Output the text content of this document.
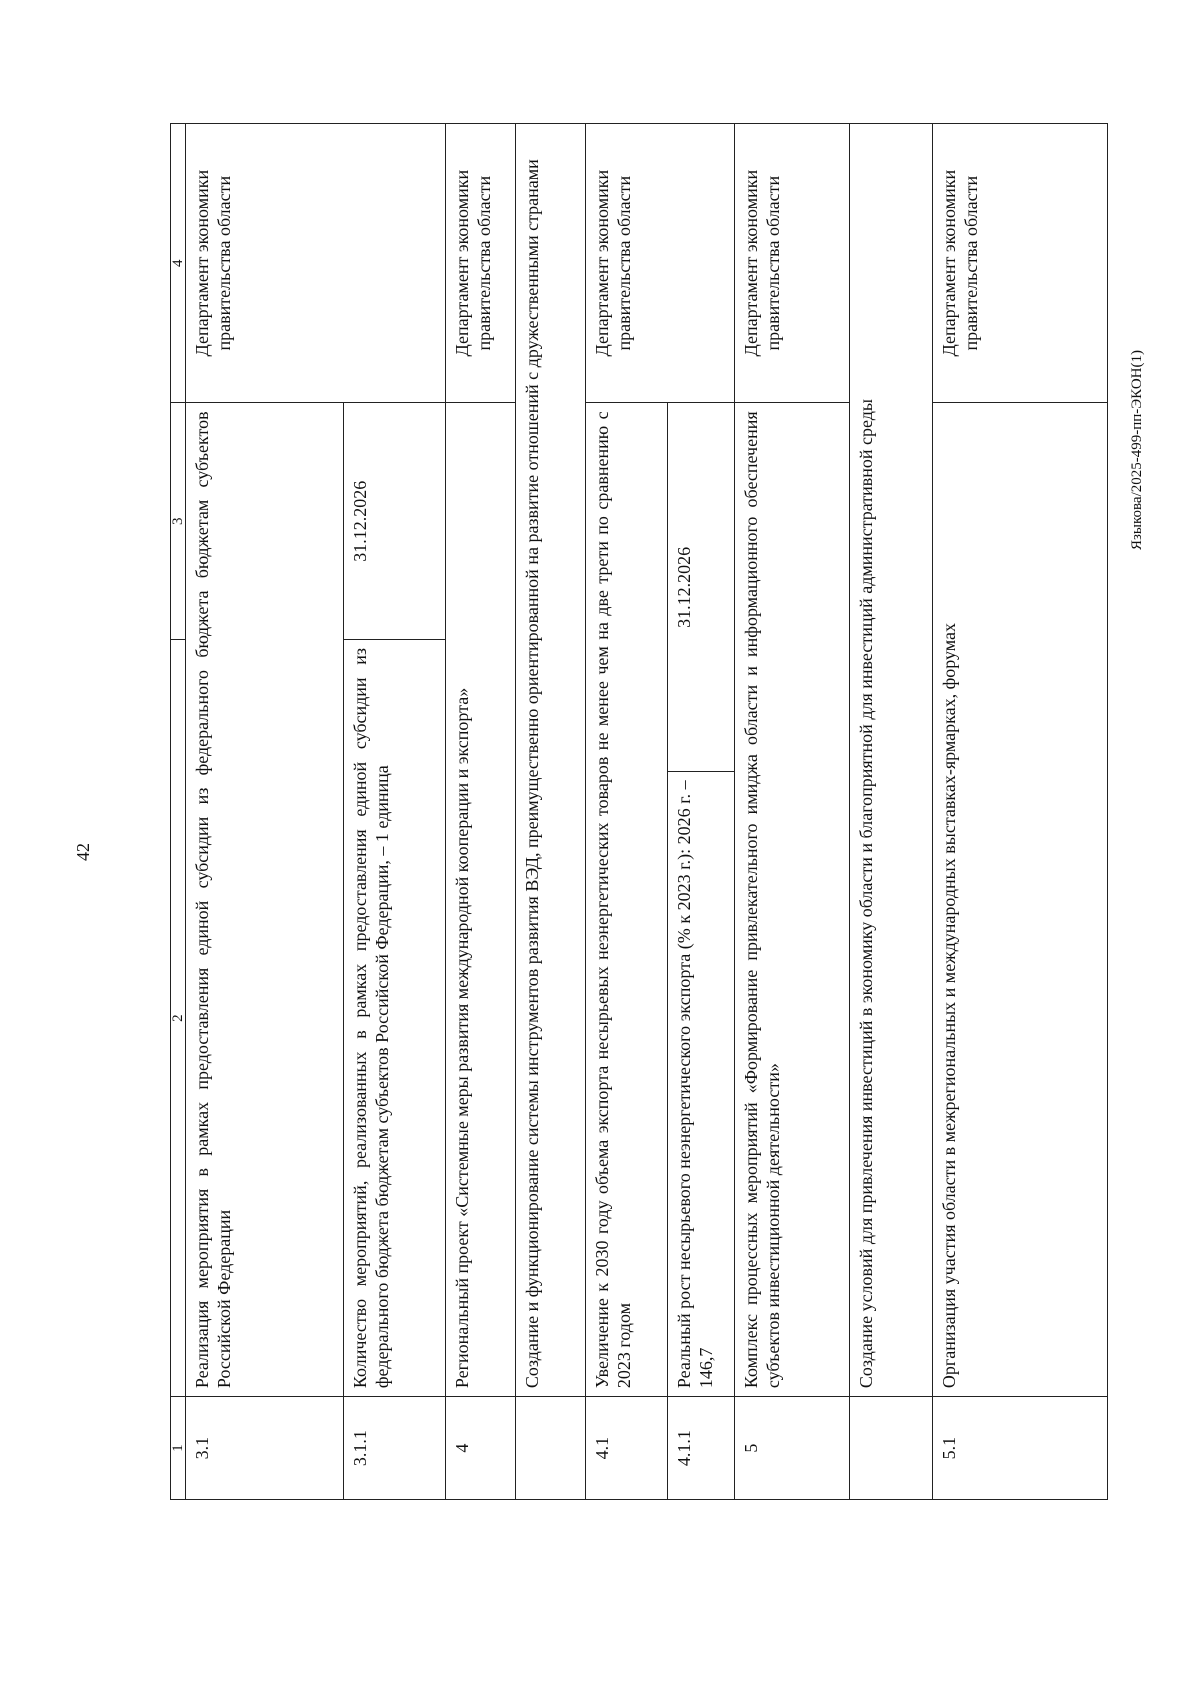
42
Языкова/2025-499-пп-ЭКОН(1)
1	2		3	4
3.1	Реализация мероприятия в рамках предоставления единой субсидии из федерального бюджета бюджетам субъектов Российской Федерации			Департамент экономики правительства области
3.1.1	Количество мероприятий, реализованных в рамках предоставления единой субсидии из федерального бюджета бюджетам субъектов Российской Федерации, – 1 единица		31.12.2026	
4	Региональный проект «Системные меры развития международной кооперации и экспорта»			Департамент экономики правительства области
	Создание и функционирование системы инструментов развития ВЭД, преимущественно ориентированной на развитие отношений с дружественными странами			
4.1	Увеличение к 2030 году объема экспорта несырьевых неэнергетических товаров не менее чем на две трети по сравнению с 2023 годом			Департамент экономики правительства области
4.1.1	Реальный рост несырьевого неэнергетического экспорта (% к 2023 г.): 2026 г. – 146,7	31.12.2026		
5	Комплекс процессных мероприятий «Формирование привлекательного имиджа области и информационного обеспечения субъектов инвестиционной деятельности»			Департамент экономики правительства области
	Создание условий для привлечения инвестиций в экономику области и благоприятной для инвестиций административной среды			
5.1	Организация участия области в межрегиональных и международных выставках-ярмарках, форумах			Департамент экономики правительства области
